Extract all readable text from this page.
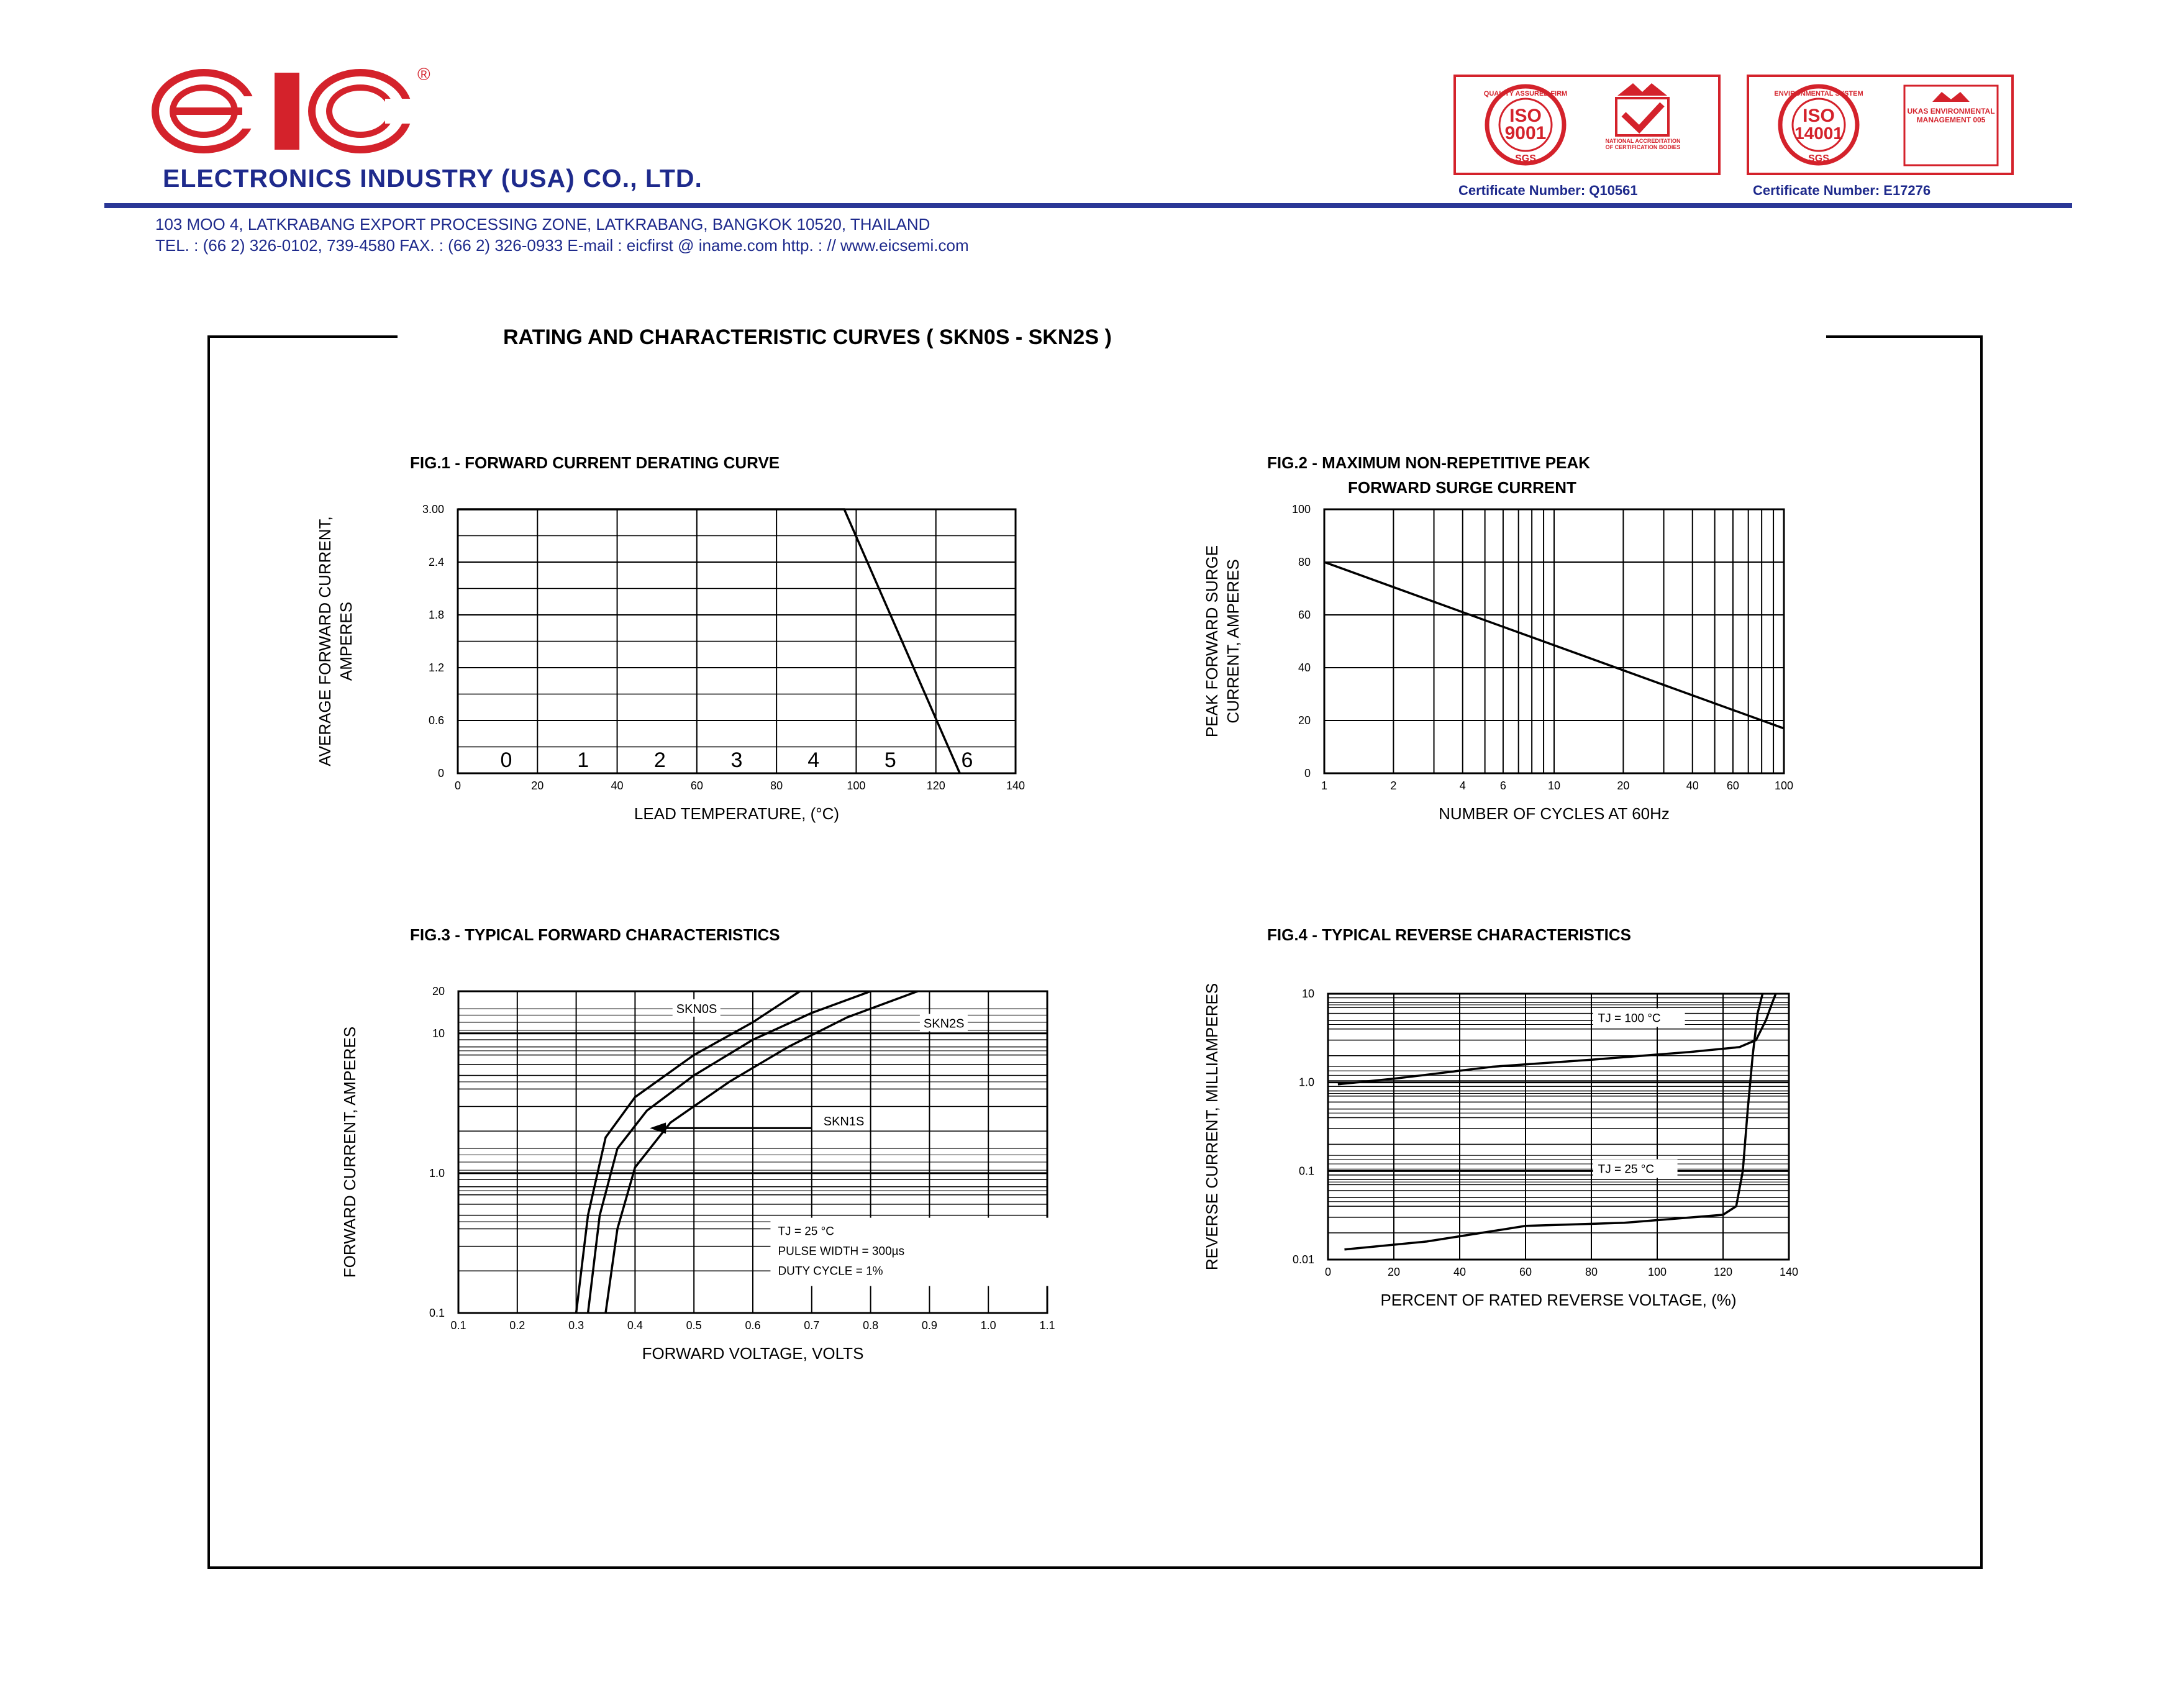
®
ELECTRONICS INDUSTRY (USA) CO., LTD.
103 MOO 4, LATKRABANG EXPORT PROCESSING ZONE, LATKRABANG, BANGKOK 10520, THAILAND
TEL. : (66 2) 326-0102, 739-4580 FAX. : (66 2) 326-0933 E-mail : eicfirst @ iname.com http. : // www.eicsemi.com
ISO
9001
SGS
QUALITY ASSURED FIRM
NATIONAL ACCREDITATION OF CERTIFICATION BODIES
Certificate Number: Q10561
ISO
14001
SGS
ENVIRONMENTAL SYSTEM
UKAS ENVIRONMENTAL MANAGEMENT 005
Certificate Number: E17276
RATING AND CHARACTERISTIC CURVES ( SKN0S - SKN2S )
FIG.1 - FORWARD CURRENT DERATING CURVE
0	20	40	60	80	100	120	140
0
0.6
1.2
1.8
2.4
3.00
LEAD TEMPERATURE, (°C)
AVERAGE FORWARD CURRENT, AMPERES
0	1	2	3	4	5	6
FIG.2 - MAXIMUM NON-REPETITIVE PEAK
FORWARD SURGE CURRENT
1	2	4	6	10	20	40	60	100
0
20
40
60
80
100
NUMBER OF CYCLES AT 60Hz
PEAK FORWARD SURGE CURRENT, AMPERES
FIG.3 - TYPICAL FORWARD CHARACTERISTICS
0.1	0.2	0.3	0.4	0.5	0.6	0.7	0.8	0.9	1.0	1.1
0.1
1.0
10
20
FORWARD VOLTAGE, VOLTS
FORWARD CURRENT, AMPERES
SKN0S
SKN2S
SKN1S
TJ = 25 °C
PULSE WIDTH = 300µs
DUTY CYCLE = 1%
FIG.4 - TYPICAL REVERSE CHARACTERISTICS
0	20	40	60	80	100	120	140
0.01
0.1
1.0
10
PERCENT OF RATED REVERSE VOLTAGE, (%)
REVERSE CURRENT, MILLIAMPERES	TJ = 100 °C
TJ = 25 °C
